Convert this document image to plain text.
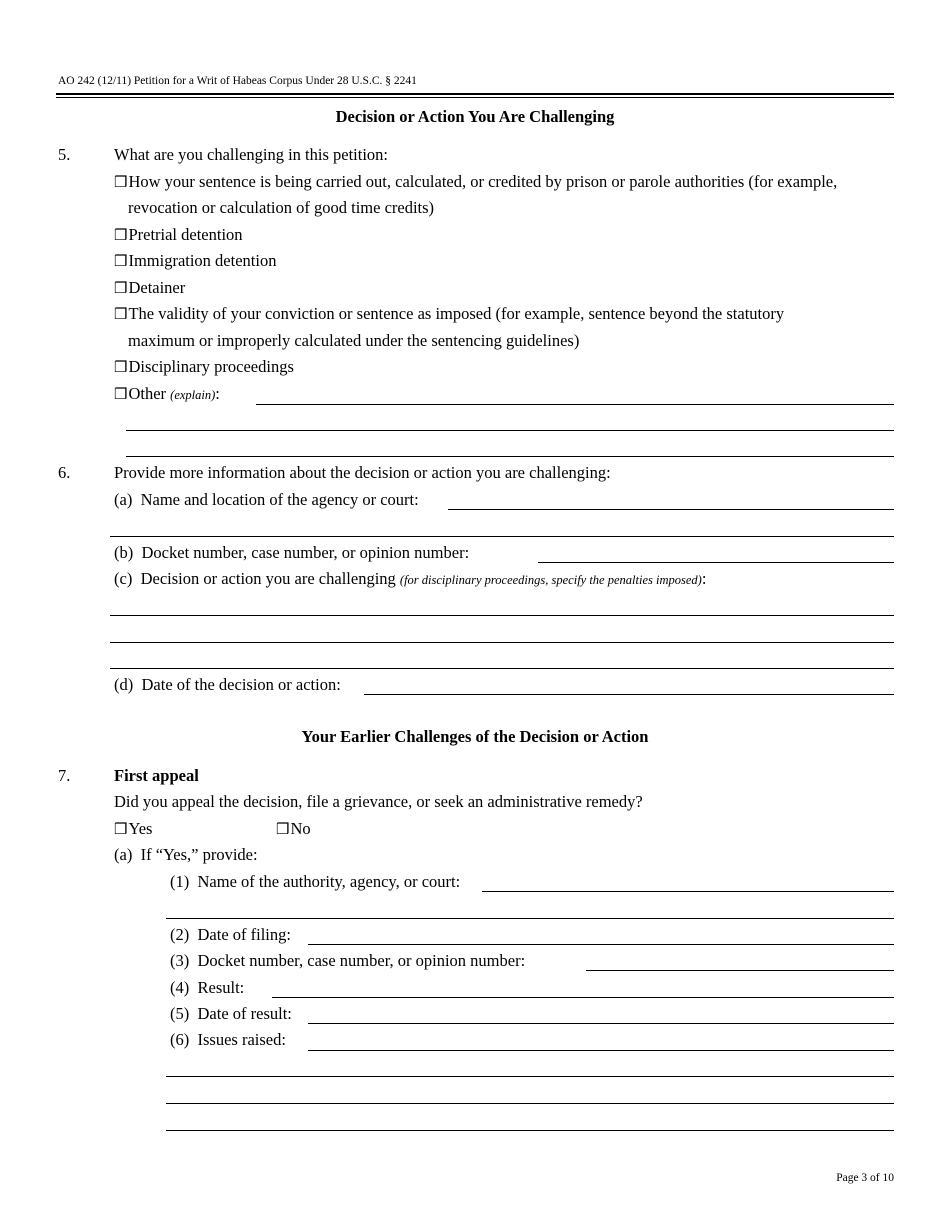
AO 242 (12/11) Petition for a Writ of Habeas Corpus Under 28 U.S.C. § 2241
Decision or Action You Are Challenging
5.	What are you challenging in this petition:
❒How your sentence is being carried out, calculated, or credited by prison or parole authorities (for example,
revocation or calculation of good time credits)
❒Pretrial detention
❒Immigration detention
❒Detainer
❒The validity of your conviction or sentence as imposed (for example, sentence beyond the statutory
maximum or improperly calculated under the sentencing guidelines)
❒Disciplinary proceedings
❒Other (explain):
6.	Provide more information about the decision or action you are challenging:
(a) Name and location of the agency or court:
(b) Docket number, case number, or opinion number:
(c) Decision or action you are challenging (for disciplinary proceedings, specify the penalties imposed):
(d) Date of the decision or action:
Your Earlier Challenges of the Decision or Action
7.	First appeal
Did you appeal the decision, file a grievance, or seek an administrative remedy?
❒Yes	❒No
(a) If “Yes,” provide:
(1) Name of the authority, agency, or court:
(2) Date of filing:
(3) Docket number, case number, or opinion number:
(4) Result:
(5) Date of result:
(6) Issues raised:
Page 3 of 10
